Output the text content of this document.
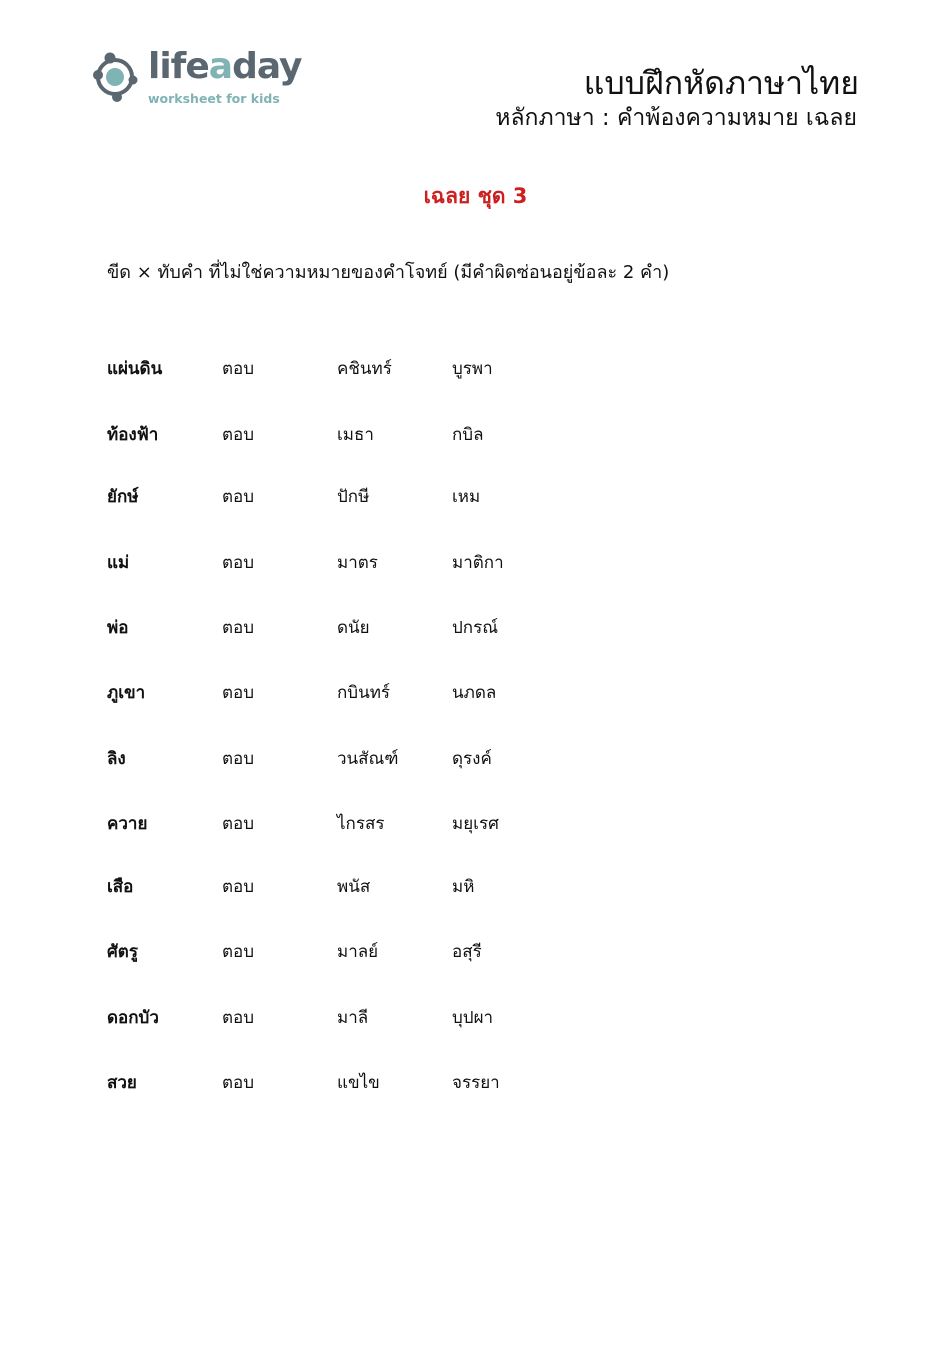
lifeaday
worksheet for kids	แบบฝึกหัดภาษาไทย
หลักภาษา : คำพ้องความหมาย เฉลย
เฉลย ชุด 3
ขีด × ทับคำ ที่ไม่ใช่ความหมายของคำโจทย์ (มีคำผิดซ่อนอยู่ข้อละ 2 คำ)
แผ่นดิน	ตอบ	คชินทร์	บูรพา
ท้องฟ้า	ตอบ	เมธา	กบิล
ยักษ์	ตอบ	ปักษี	เหม
แม่	ตอบ	มาตร	มาติกา
พ่อ	ตอบ	ดนัย	ปกรณ์
ภูเขา	ตอบ	กบินทร์	นภดล
ลิง	ตอบ	วนสัณฑ์	ดุรงค์
ควาย	ตอบ	ไกรสร	มยุเรศ
เสือ	ตอบ	พนัส	มหิ
ศัตรู	ตอบ	มาลย์	อสุรี
ดอกบัว	ตอบ	มาลี	บุปผา
สวย	ตอบ	แขไข	จรรยา
